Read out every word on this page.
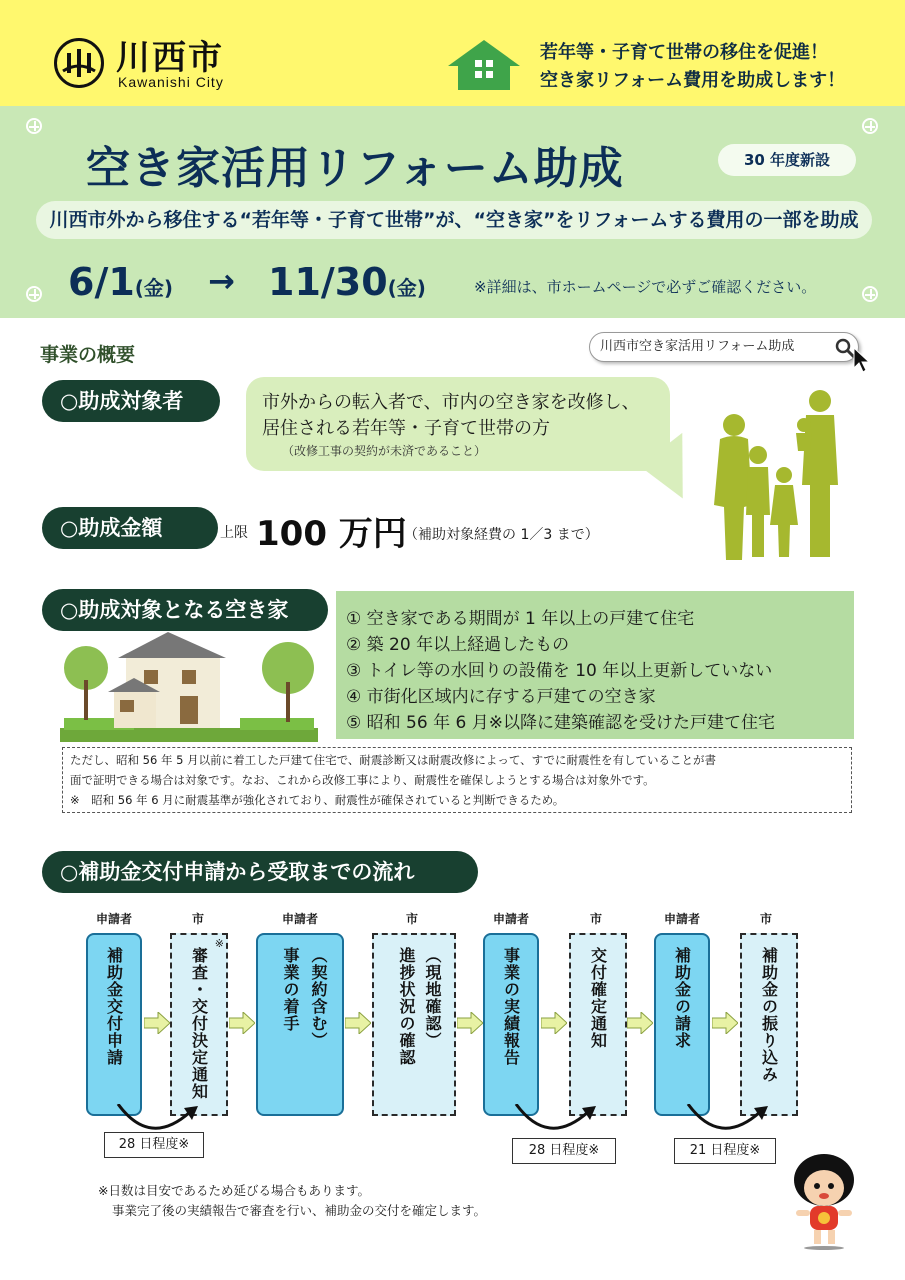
川西市
Kawanishi City
若年等・子育て世帯の移住を促進！
空き家リフォーム費用を助成します！
空き家活用リフォーム助成	30 年度新設
川西市外から移住する“若年等・子育て世帯”が、“空き家”をリフォームする費用の一部を助成
6/1(金) → 11/30(金)	※詳細は、市ホームページで必ずご確認ください。
事業の概要	川西市空き家活用リフォーム助成
○助成対象者	市外からの転入者で、市内の空き家を改修し、
居住される若年等・子育て世帯の方
（改修工事の契約が未済であること）
○助成金額	上限 100 万円
（補助対象経費の 1／3 まで）
○助成対象となる空き家	① 空き家である期間が 1 年以上の戸建て住宅
② 築 20 年以上経過したもの
③ トイレ等の水回りの設備を 10 年以上更新していない
④ 市街化区域内に存する戸建ての空き家
⑤ 昭和 56 年 6 月※以降に建築確認を受けた戸建て住宅
ただし、昭和 56 年 5 月以前に着工した戸建て住宅で、耐震診断又は耐震改修によって、すでに耐震性を有していることが書
面で証明できる場合は対象です。なお、これから改修工事により、耐震性を確保しようとする場合は対象外です。
※　昭和 56 年 6 月に耐震基準が強化されており、耐震性が確保されていると判断できるため。
○補助金交付申請から受取までの流れ
申請者	市	申請者	市	申請者	市	申請者	市
補助金交付申請	審査・交付決定通知
※
事業の着手 （契約含む）	進捗状況の確認 （現地確認）	事業の実績報告	交付確定通知	補助金の請求	補助金の振り込み
28 日程度※	28 日程度※	21 日程度※
※日数は目安であるため延びる場合もあります。
事業完了後の実績報告で審査を行い、補助金の交付を確定します。
